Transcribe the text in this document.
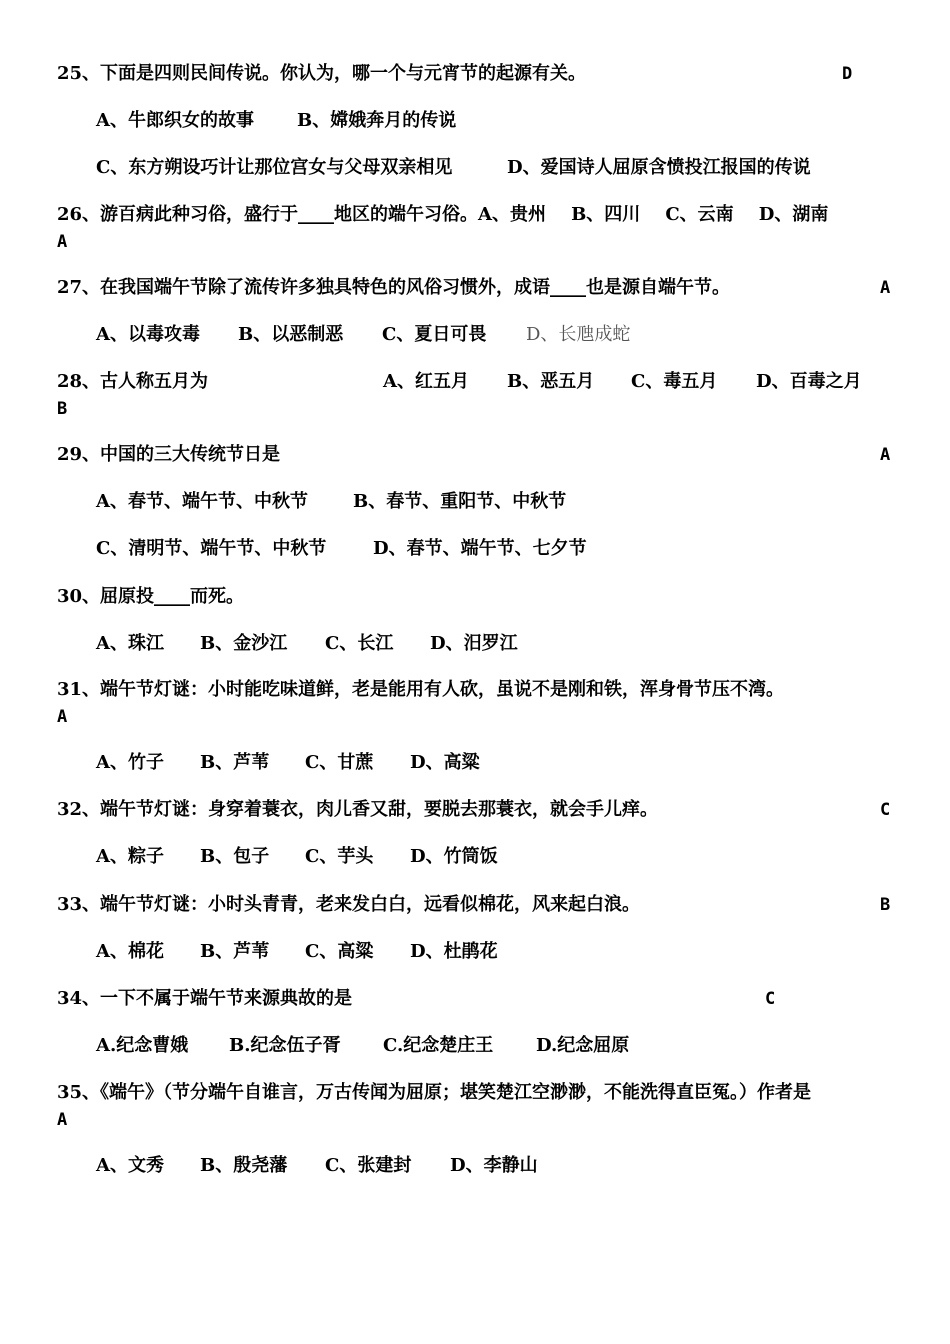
25、下面是四则民间传说。你认为，哪一个与元宵节的起源有关。	D
A、牛郎织女的故事 B、嫦娥奔月的传说
C、东方朔设巧计让那位宫女与父母双亲相见	D、爱国诗人屈原含愤投江报国的传说
26、游百病此种习俗，盛行于____地区的端午习俗。A、贵州    B、四川    C、云南    D、湖南
A
27、在我国端午节除了流传许多独具特色的风俗习惯外，成语____也是源自端午节。	A
A、以毒攻毒 B、以恶制恶 C、夏日可畏 D、长虺成蛇
28、古人称五月为	A、红五月 B、恶五月 C、毒五月 D、百毒之月
B
29、中国的三大传统节日是	A
A、春节、端午节、中秋节	B、春节、重阳节、中秋节
C、清明节、端午节、中秋节	D、春节、端午节、七夕节
30、屈原投____而死。
A、珠江 B、金沙江 C、长江 D、汨罗江
31、端午节灯谜：小时能吃味道鲜，老是能用有人砍，虽说不是刚和铁，浑身骨节压不湾。
A
A、竹子 B、芦苇 C、甘蔗 D、高粱
32、端午节灯谜：身穿着蓑衣，肉儿香又甜，要脱去那蓑衣，就会手儿痒。	C
A、粽子 B、包子 C、芋头 D、竹筒饭
33、端午节灯谜：小时头青青，老来发白白，远看似棉花，风来起白浪。	B
A、棉花 B、芦苇 C、高粱 D、杜鹃花
34、一下不属于端午节来源典故的是	C
A.纪念曹娥 B.纪念伍子胥 C.纪念楚庄王 D.纪念屈原
35、《端午》（节分端午自谁言，万古传闻为屈原；堪笑楚江空渺渺，不能洗得直臣冤。）作者是
A
A、文秀 B、殷尧藩 C、张建封 D、李静山
